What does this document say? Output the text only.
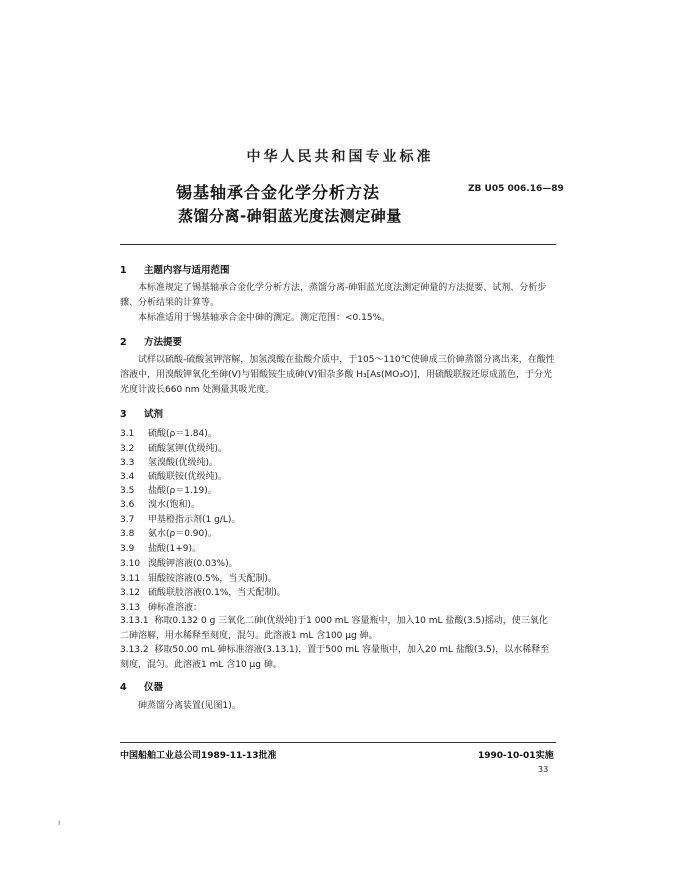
中华人民共和国专业标准
锡基轴承合金化学分析方法
蒸馏分离-砷钼蓝光度法测定砷量
ZB U05 006.16—89
1 主题内容与适用范围
本标准规定了锡基轴承合金化学分析方法，蒸馏分离-砷钼蓝光度法测定砷量的方法提要、试剂、分析步骤、分析结果的计算等。
本标准适用于锡基轴承合金中砷的测定。测定范围：<0.15%。
2 方法提要
试样以硫酸-硫酸氢钾溶解，加氢溴酸在盐酸介质中，于105～110℃使砷成三价砷蒸馏分离出来，在酸性溶液中，用溴酸钾氧化至砷(Ⅴ)与钼酸铵生成砷(Ⅴ)钼杂多酸 H₃[As(MO₃O)]，用硫酸联胺还原成蓝色，于分光光度计波长660 nm 处测量其吸光度。
3 试剂
3.1 硫酸(ρ＝1.84)。
3.2 硫酸氢钾(优级纯)。
3.3 氢溴酸(优级纯)。
3.4 硫酸联铵(优级纯)。
3.5 盐酸(ρ＝1.19)。
3.6 溴水(饱和)。
3.7 甲基橙指示剂(1 g/L)。
3.8 氨水(ρ＝0.90)。
3.9 盐酸(1+9)。
3.10 溴酸钾溶液(0.03%)。
3.11 钼酸铵溶液(0.5%，当天配制)。
3.12 硫酸联肢溶液(0.1%，当天配制)。
3.13 砷标准溶液：
3.13.1 称取0.132 0 g 三氧化二砷(优级纯)于1 000 mL 容量瓶中，加入10 mL 盐酸(3.5)摇动，使三氧化二砷溶解，用水稀释至刻度，混匀。此溶液1 mL 含100 μg 砷。
3.13.2 移取50.00 mL 砷标准溶液(3.13.1)，置于500 mL 容量瓶中，加入20 mL 盐酸(3.5)，以水稀释至刻度，混匀。此溶液1 mL 含10 μg 砷。
4 仪器
砷蒸馏分离装置(见图1)。
中国船舶工业总公司1989-11-13批准	1990-10-01实施
33
ı
